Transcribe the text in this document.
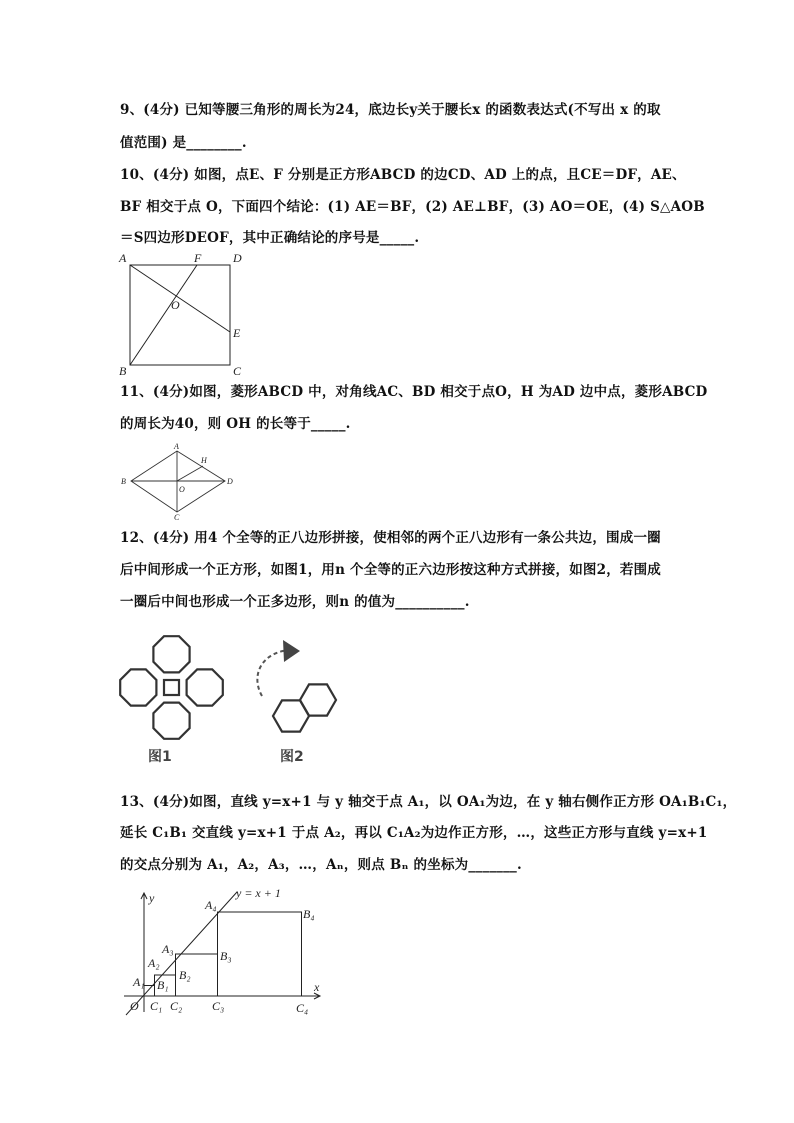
9、(4分) 已知等腰三角形的周长为24，底边长y关于腰长x 的函数表达式(不写出 x 的取
值范围) 是________.
10、(4分) 如图，点E、F 分别是正方形ABCD 的边CD、AD 上的点，且CE＝DF，AE、
BF 相交于点 O，下面四个结论：(1) AE＝BF，(2) AE⊥BF，(3) AO＝OE，(4) S△AOB
＝S四边形DEOF，其中正确结论的序号是_____.
11、(4分)如图，菱形ABCD 中，对角线AC、BD 相交于点O，H 为AD 边中点，菱形ABCD
的周长为40，则 OH 的长等于_____.
12、(4分) 用4 个全等的正八边形拼接，使相邻的两个正八边形有一条公共边，围成一圈
后中间形成一个正方形，如图1，用n 个全等的正六边形按这种方式拼接，如图2，若围成
一圈后中间也形成一个正多边形，则n 的值为__________.
13、(4分)如图，直线 y=x+1 与 y 轴交于点 A₁，以 OA₁为边，在 y 轴右侧作正方形 OA₁B₁C₁，
延长 C₁B₁ 交直线 y=x+1 于点 A₂，再以 C₁A₂为边作正方形，…，这些正方形与直线 y=x+1
的交点分别为 A₁，A₂，A₃，…，Aₙ，则点 Bₙ 的坐标为_______.
A	F	D
O
E
B	C
A
H
B	D
O
C
图1	图2
y = x + 1
y
x
O
A₁
A₂
A₃
A₄
B₁
B₂
B₃
B₄
C₁ C₂ C₃	C₄
